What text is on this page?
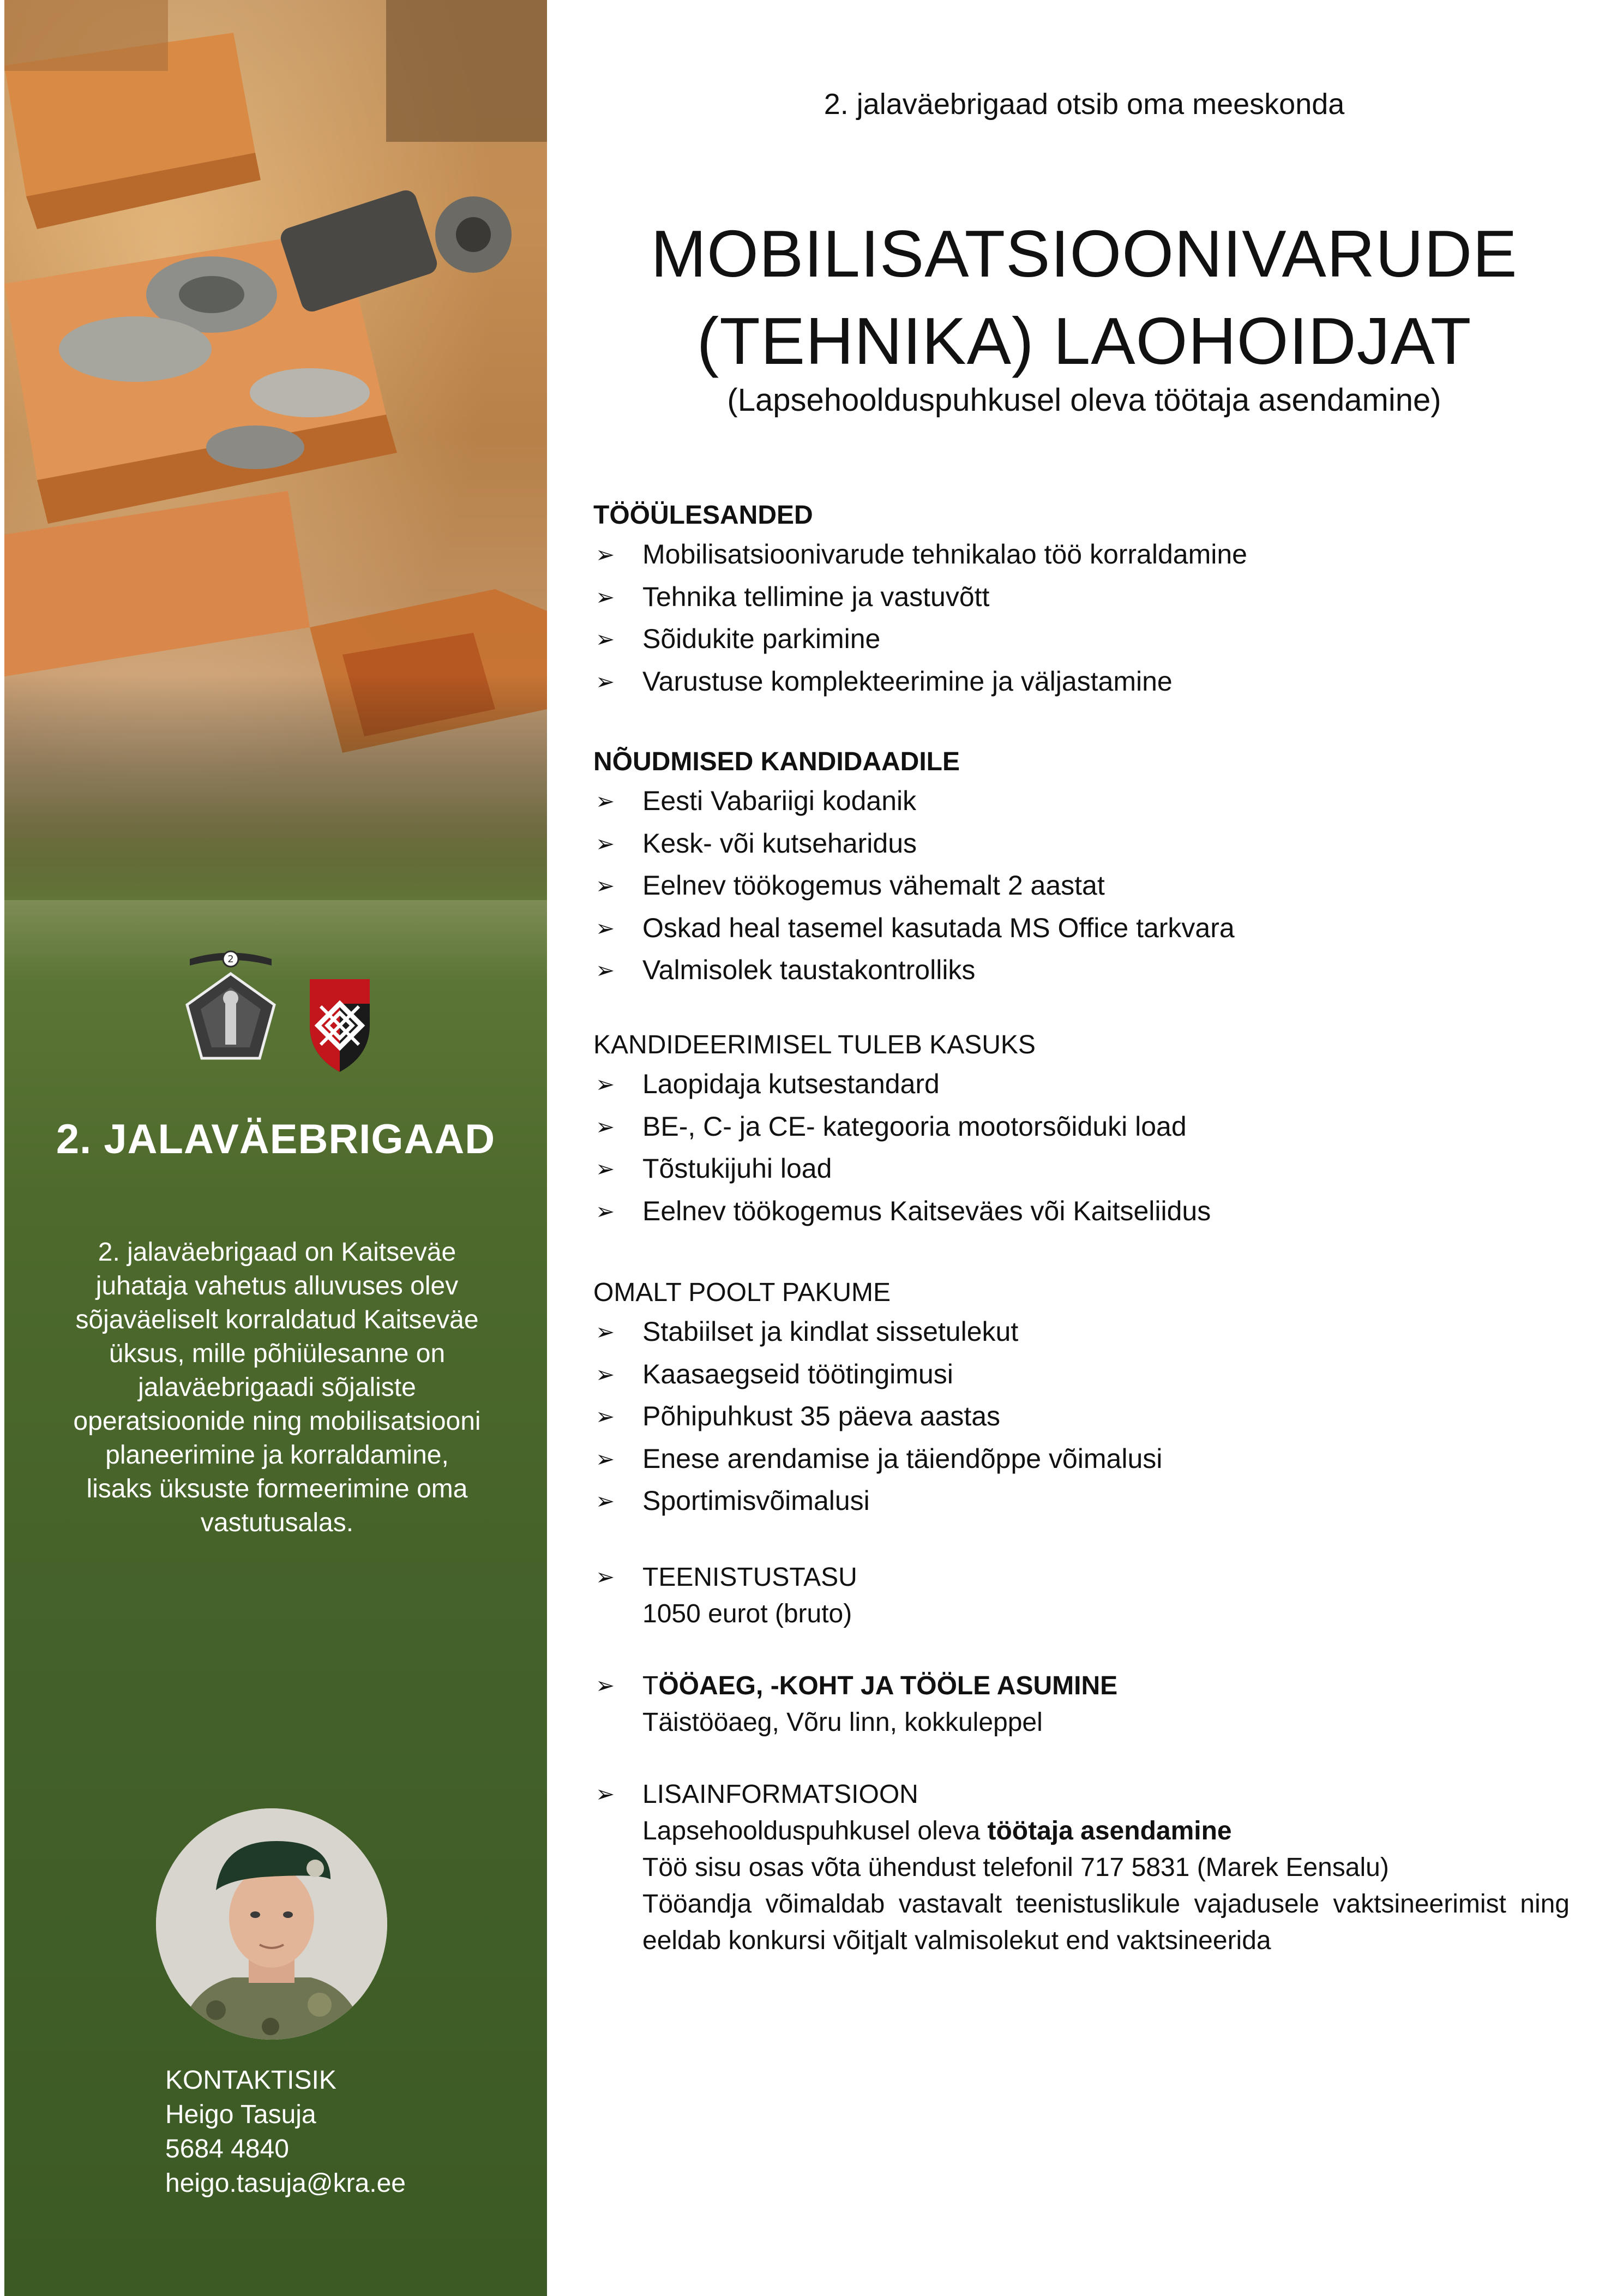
2
2. JALAVÄEBRIGAAD
2. jalaväebrigaad on Kaitseväe juhataja vahetus alluvuses olev sõjaväeliselt korraldatud Kaitseväe üksus, mille põhiülesanne on jalaväebrigaadi sõjaliste operatsioonide ning mobilisatsiooni planeerimine ja korraldamine, lisaks üksuste formeerimine oma vastutusalas.
KONTAKTISIK
Heigo Tasuja
5684 4840
heigo.tasuja@kra.ee
2. jalaväebrigaad otsib oma meeskonda
MOBILISATSIOONIVARUDE
(TEHNIKA) LAOHOIDJAT
(Lapsehoolduspuhkusel oleva töötaja asendamine)
TÖÖÜLESANDED
➢ Mobilisatsioonivarude tehnikalao töö korraldamine
➢ Tehnika tellimine ja vastuvõtt
➢ Sõidukite parkimine
➢ Varustuse komplekteerimine ja väljastamine
NÕUDMISED KANDIDAADILE
➢ Eesti Vabariigi kodanik
➢ Kesk- või kutseharidus
➢ Eelnev töökogemus vähemalt 2 aastat
➢ Oskad heal tasemel kasutada MS Office tarkvara
➢ Valmisolek taustakontrolliks
KANDIDEERIMISEL TULEB KASUKS
➢ Laopidaja kutsestandard
➢ BE-, C- ja CE- kategooria mootorsõiduki load
➢ Tõstukijuhi load
➢ Eelnev töökogemus Kaitseväes või Kaitseliidus
OMALT POOLT PAKUME
➢ Stabiilset ja kindlat sissetulekut
➢ Kaasaegseid töötingimusi
➢ Põhipuhkust 35 päeva aastas
➢ Enese arendamise ja täiendõppe võimalusi
➢ Sportimisvõimalusi
➢ TEENISTUSTASU
1050 eurot (bruto)
➢ TÖÖAEG, -KOHT JA TÖÖLE ASUMINE
Täistööaeg, Võru linn, kokkuleppel
➢ LISAINFORMATSIOON
Lapsehoolduspuhkusel oleva töötaja asendamine
Töö sisu osas võta ühendust telefonil 717 5831 (Marek Eensalu)
Tööandja võimaldab vastavalt teenistuslikule vajadusele vaktsineerimist ning eeldab konkursi võitjalt valmisolekut end vaktsineerida
